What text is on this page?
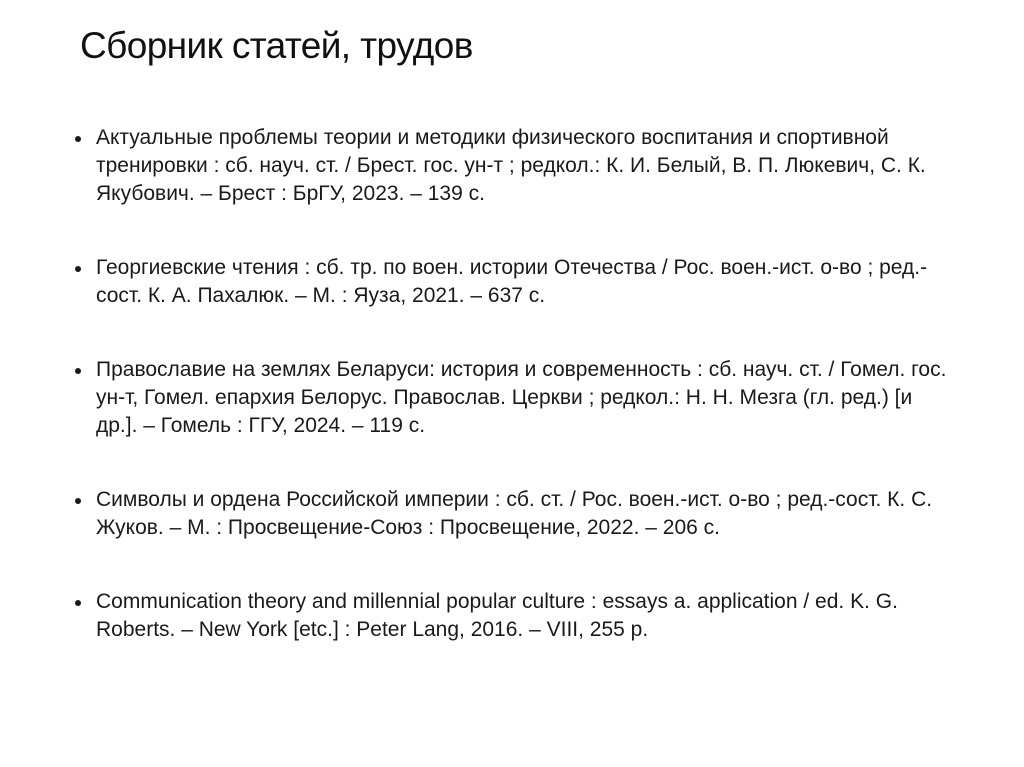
Сборник статей, трудов
Актуальные проблемы теории и методики физического воспитания и спортивной тренировки : сб. науч. ст. / Брест. гос. ун-т ; редкол.: К. И. Белый, В. П. Люкевич, С. К. Якубович. – Брест : БрГУ, 2023. – 139 с.
Георгиевские чтения : сб. тр. по воен. истории Отечества / Рос. воен.-ист. о-во ; ред.-сост. К. А. Пахалюк. – М. : Яуза, 2021. – 637 с.
Православие на землях Беларуси: история и современность : сб. науч. ст. / Гомел. гос. ун-т, Гомел. епархия Белорус. Православ. Церкви ; редкол.: Н. Н. Мезга (гл. ред.) [и др.]. – Гомель : ГГУ, 2024. – 119 с.
Символы и ордена Российской империи : сб. ст. / Рос. воен.-ист. о-во ; ред.-сост. К. С. Жуков. – М. : Просвещение-Союз : Просвещение, 2022. – 206 с.
Communication theory and millennial popular culture : essays a. application / ed. K. G. Roberts. – New York [etc.] : Peter Lang, 2016. – VIII, 255 p.
